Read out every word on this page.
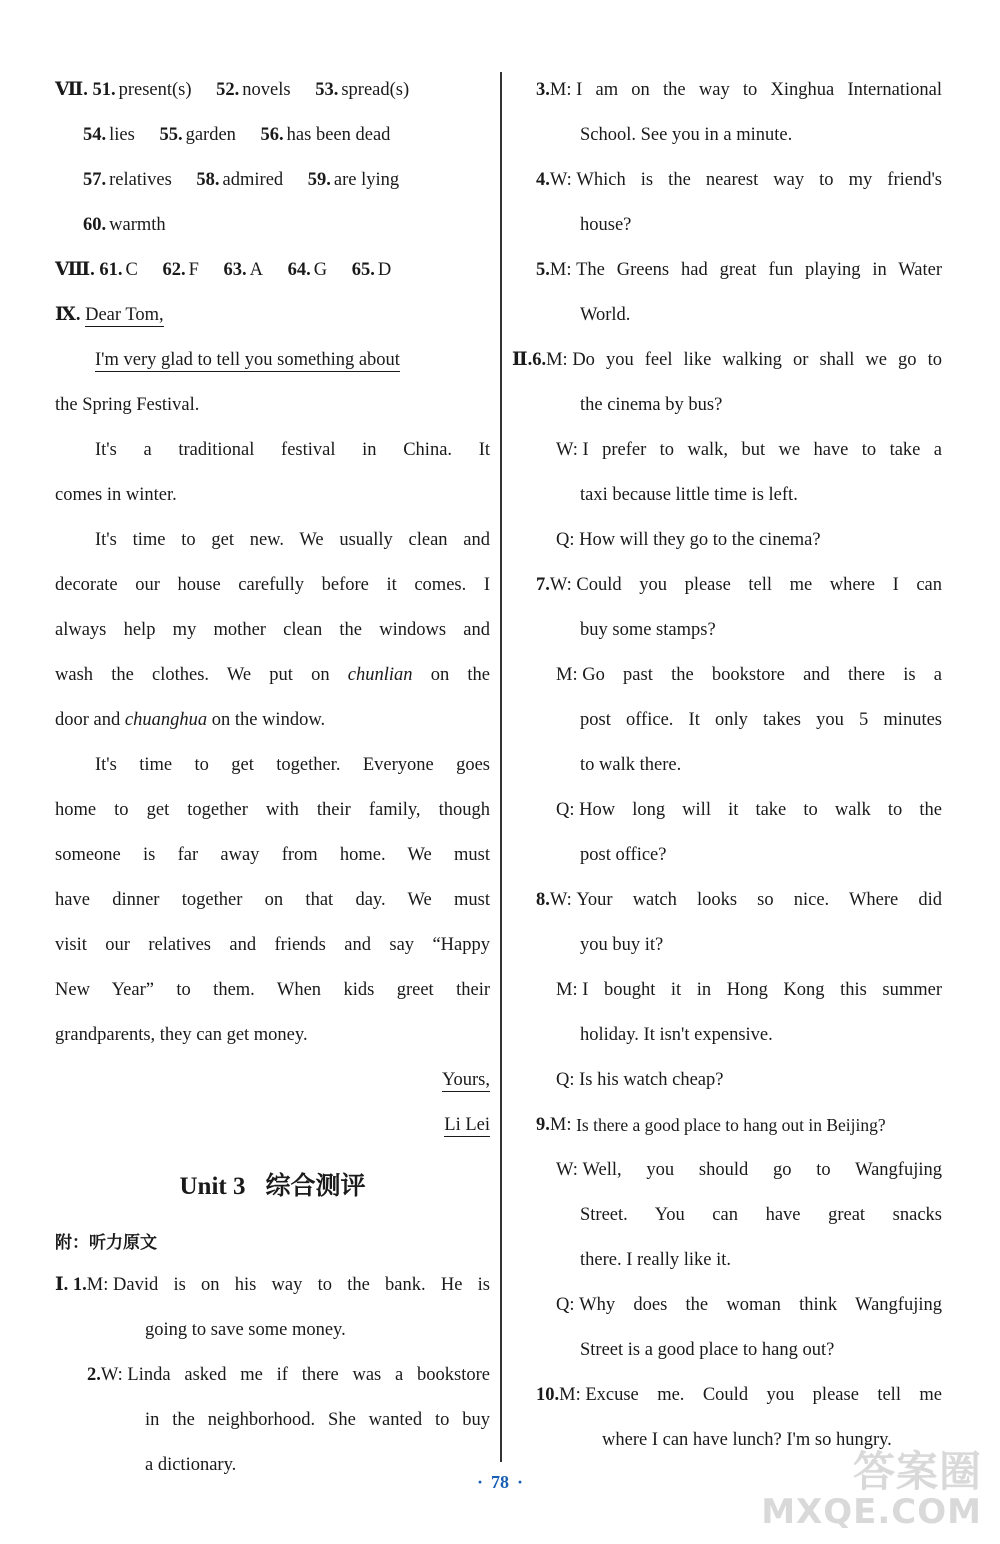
Ⅶ. 51. present(s) 52. novels 53. spread(s)
54. lies 55. garden 56. has been dead
57. relatives 58. admired 59. are lying
60. warmth
Ⅷ. 61. C 62. F 63. A 64. G 65. D
Ⅸ. Dear Tom,
I'm very glad to tell you something about
the Spring Festival.
It's a traditional festival in China. It
comes in winter.
It's time to get new. We usually clean and
decorate our house carefully before it comes. I
always help my mother clean the windows and
wash the clothes. We put on chunlian on the
door and chuanghua on the window.
It's time to get together. Everyone goes
home to get together with their family, though
someone is far away from home. We must
have dinner together on that day. We must
visit our relatives and friends and say “Happy
New Year” to them. When kids greet their
grandparents, they can get money.
Yours,
Li Lei
Unit 3 综合测评
附：听力原文
Ⅰ. 1.M: David is on his way to the bank. He is
going to save some money.
2.W: Linda asked me if there was a bookstore
in the neighborhood. She wanted to buy
a dictionary.
3.M: I am on the way to Xinghua International
School. See you in a minute.
4.W: Which is the nearest way to my friend's
house?
5.M: The Greens had great fun playing in Water
World.
Ⅱ.6.M: Do you feel like walking or shall we go to
the cinema by bus?
W:
I prefer to walk, but we have to take a
taxi because little time is left.
Q:
How will they go to the cinema?
7.W: Could you please tell me where I can
buy some stamps?
M:
Go past the bookstore and there is a
post office. It only takes you 5 minutes
to walk there.
Q:
How long will it take to walk to the
post office?
8.W: Your watch looks so nice. Where did
you buy it?
M:
I bought it in Hong Kong this summer
holiday. It isn't expensive.
Q:
Is his watch cheap?
9.M: Is there a good place to hang out in Beijing?
W:
Well, you should go to Wangfujing
Street. You can have great snacks
there. I really like it.
Q:
Why does the woman think Wangfujing
Street is a good place to hang out?
10.M: Excuse me. Could you please tell me
where I can have lunch? I'm so hungry.
· 78 ·	答案圈
MXQE.COM
